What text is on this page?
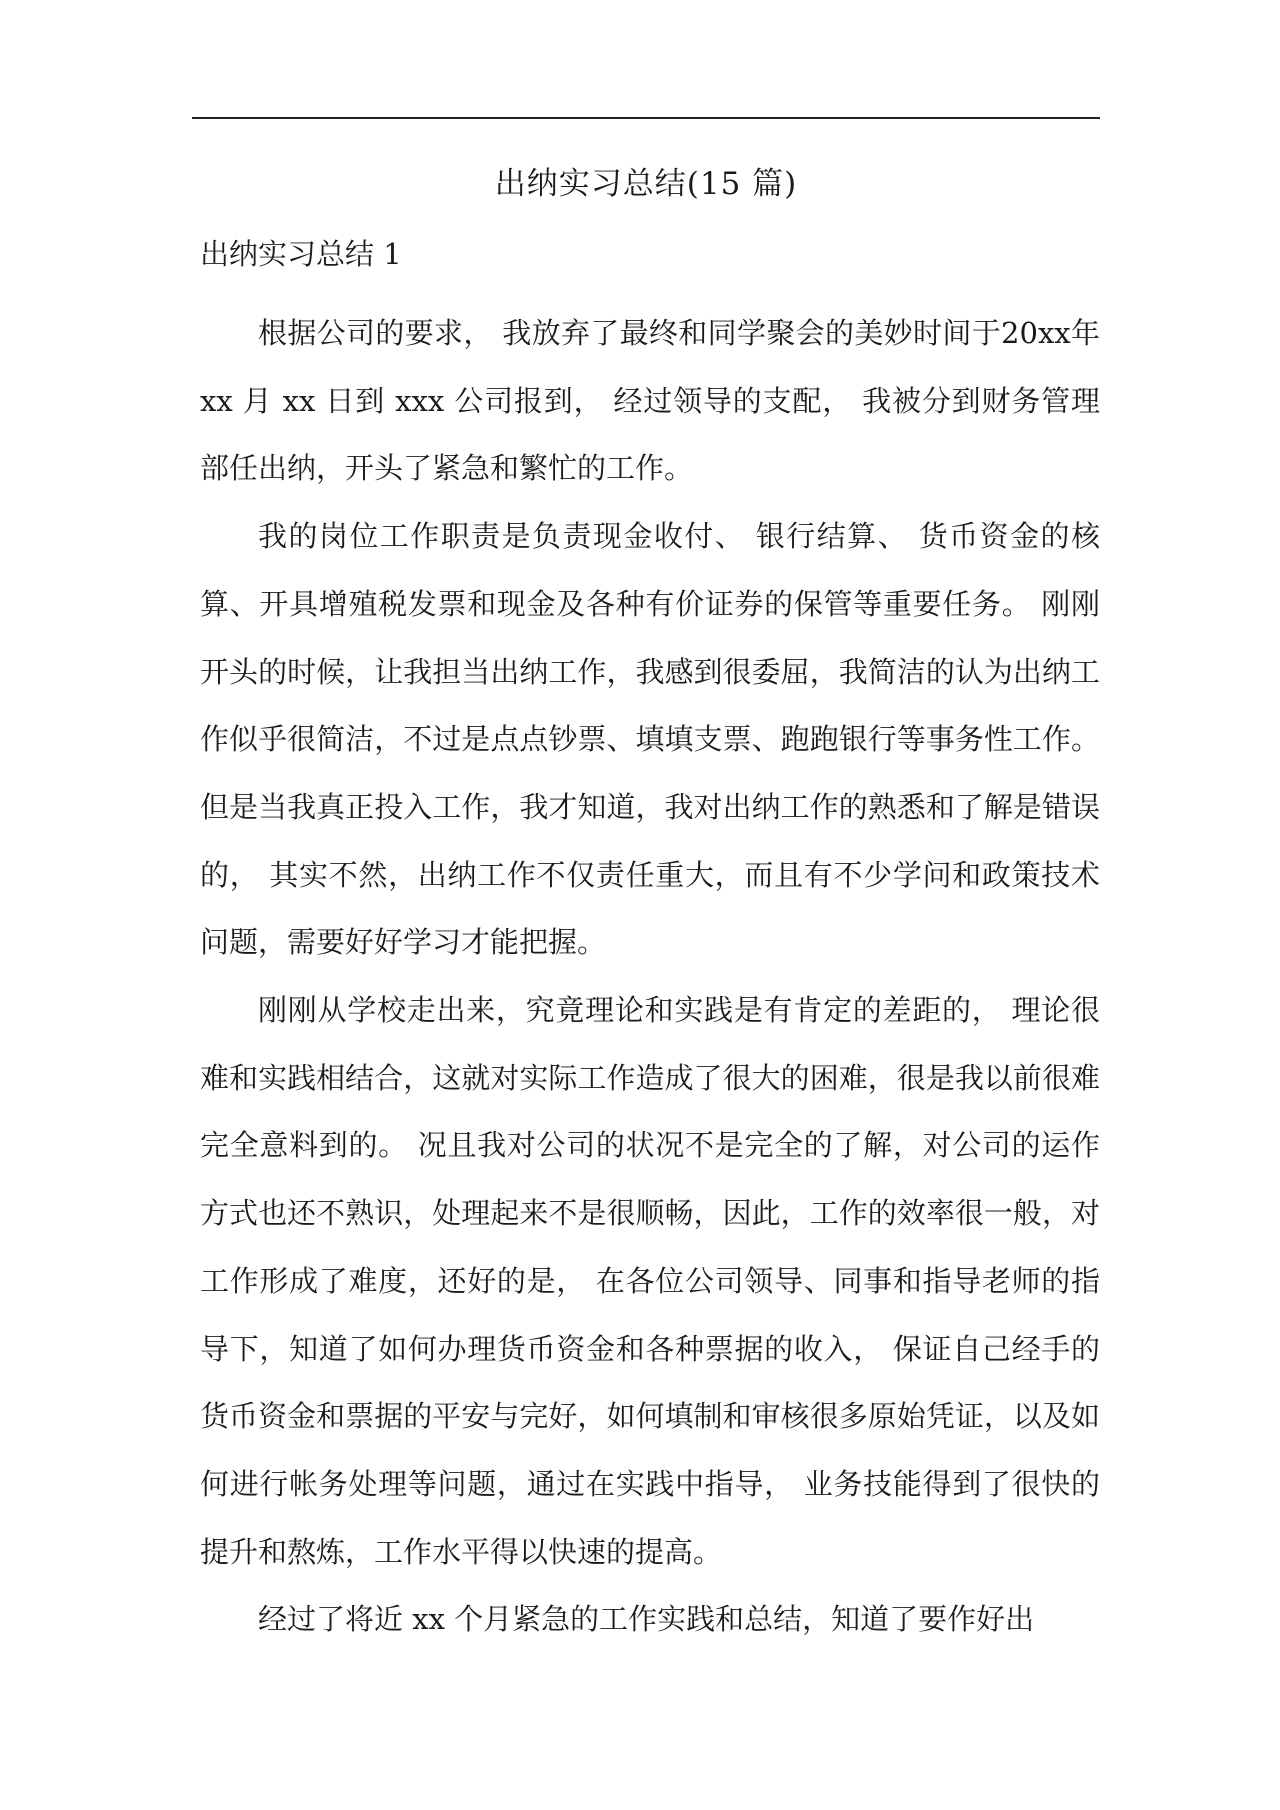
出纳实习总结(15 篇)
出纳实习总结 1

根据公司的要求， 我放弃了最终和同学聚会的美妙时间于20xx年 xx 月 xx 日到 xxx 公司报到， 经过领导的支配， 我被分到财务管理部任出纳，开头了紧急和繁忙的工作。

我的岗位工作职责是负责现金收付、 银行结算、 货币资金的核算、开具增殖税发票和现金及各种有价证券的保管等重要任务。 刚刚开头的时候，让我担当出纳工作，我感到很委屈，我简洁的认为出纳工作似乎很简洁，不过是点点钞票、填填支票、跑跑银行等事务性工作。但是当我真正投入工作，我才知道，我对出纳工作的熟悉和了解是错误的， 其实不然，出纳工作不仅责任重大，而且有不少学问和政策技术问题，需要好好学习才能把握。

刚刚从学校走出来，究竟理论和实践是有肯定的差距的， 理论很难和实践相结合，这就对实际工作造成了很大的困难，很是我以前很难完全意料到的。 况且我对公司的状况不是完全的了解，对公司的运作方式也还不熟识，处理起来不是很顺畅，因此，工作的效率很一般，对工作形成了难度，还好的是， 在各位公司领导、同事和指导老师的指导下，知道了如何办理货币资金和各种票据的收入， 保证自己经手的货币资金和票据的平安与完好，如何填制和审核很多原始凭证，以及如何进行帐务处理等问题，通过在实践中指导， 业务技能得到了很快的提升和熬炼，工作水平得以快速的提高。

经过了将近 xx 个月紧急的工作实践和总结，知道了要作好出
